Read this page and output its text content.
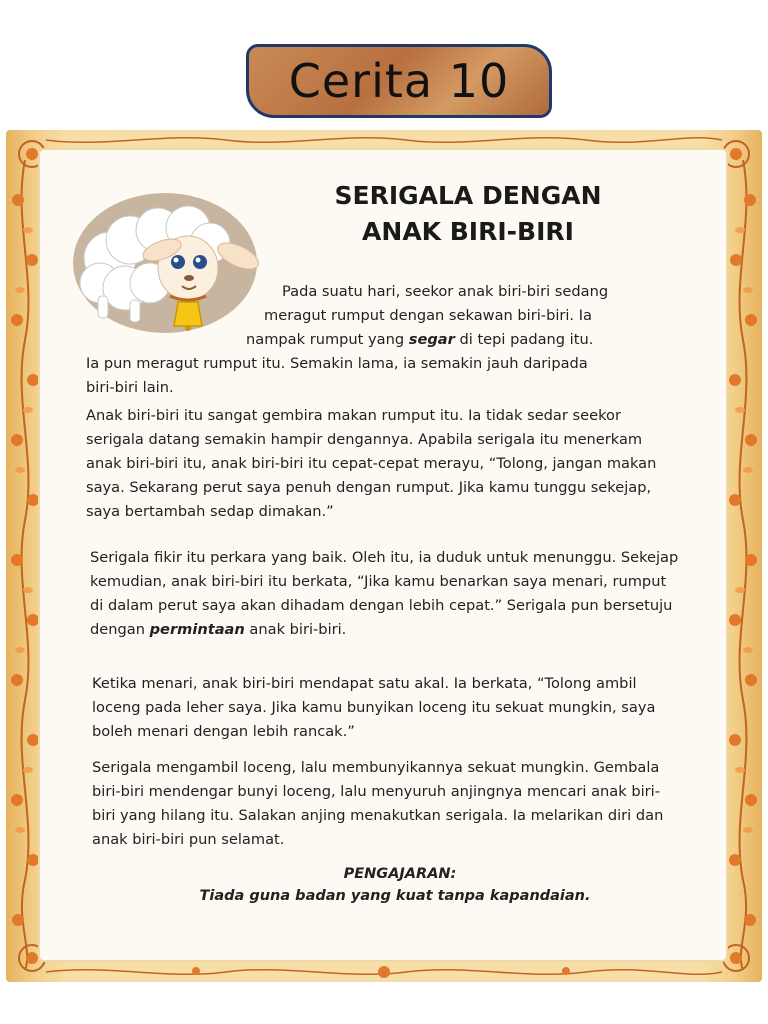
Cerita 10
SERIGALA DENGAN
ANAK BIRI-BIRI
Pada suatu hari, seekor anak biri-biri sedang
meragut rumput dengan sekawan biri-biri. Ia
nampak rumput yang segar di tepi padang itu.
Ia pun meragut rumput itu. Semakin lama, ia semakin jauh daripada
biri-biri lain.

Anak biri-biri itu sangat gembira makan rumput itu. Ia tidak sedar seekor serigala datang semakin hampir dengannya. Apabila serigala itu menerkam anak biri-biri itu, anak biri-biri itu cepat-cepat merayu, “Tolong, jangan makan saya. Sekarang perut saya penuh dengan rumput. Jika kamu tunggu sekejap, saya bertambah sedap dimakan.”

Serigala fikir itu perkara yang baik. Oleh itu, ia duduk untuk menunggu. Sekejap kemudian, anak biri-biri itu berkata, “Jika kamu benarkan saya menari, rumput di dalam perut saya akan dihadam dengan lebih cepat.” Serigala pun bersetuju dengan permintaan anak biri-biri.

Ketika menari, anak biri-biri mendapat satu akal. Ia berkata, “Tolong ambil loceng pada leher saya. Jika kamu bunyikan loceng itu sekuat mungkin, saya boleh menari dengan lebih rancak.”

Serigala mengambil loceng, lalu membunyikannya sekuat mungkin. Gembala biri-biri mendengar bunyi loceng, lalu menyuruh anjingnya mencari anak biri-biri yang hilang itu. Salakan anjing menakutkan serigala. Ia melarikan diri dan anak biri-biri pun selamat.

PENGAJARAN:

Tiada guna badan yang kuat tanpa kapandaian.
